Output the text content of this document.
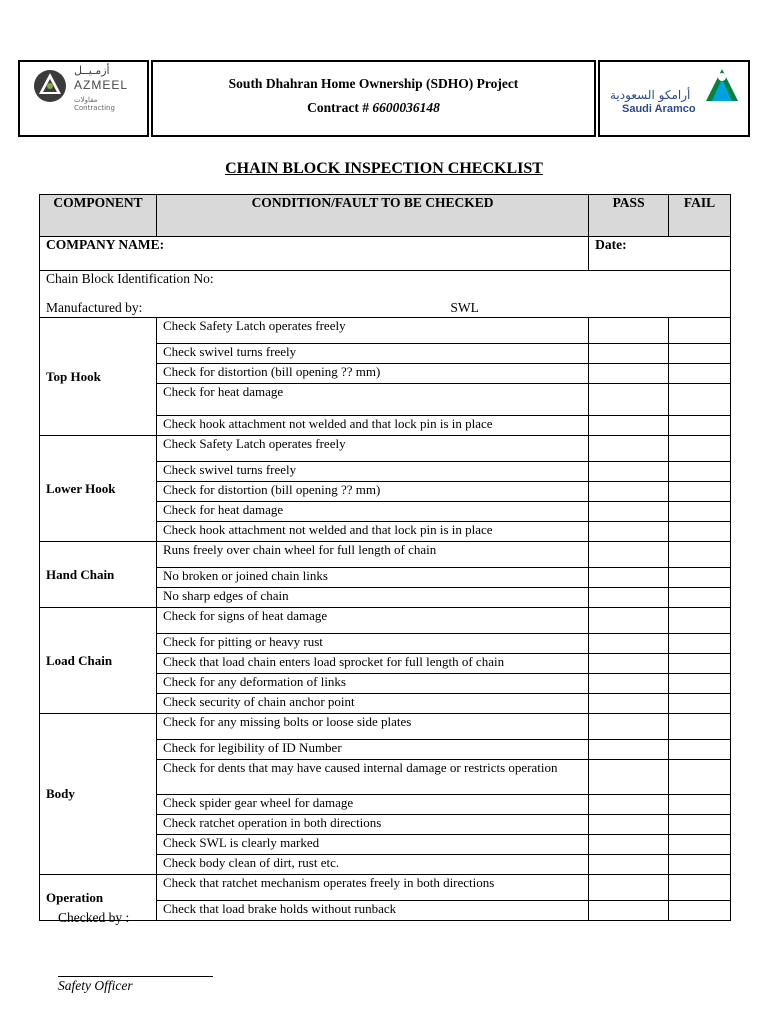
أزمـيــل
AZMEEL
مقاولات
Contracting
South Dhahran Home Ownership (SDHO) Project
Contract # 6600036148
أرامكو السعودية
Saudi Aramco
CHAIN BLOCK INSPECTION CHECKLIST
COMPANY NAME:		Date:	

Chain Block Identification No:
Manufactured by: SWL			

COMPONENT	CONDITION/FAULT TO BE CHECKED	PASS	FAIL
Top Hook	Check Safety Latch operates freely		
	Check swivel turns freely		
	Check for distortion (bill opening ?? mm)		
	Check for heat damage		
	Check hook attachment not welded and that lock pin is in place		
Lower Hook	Check Safety Latch operates freely		
	Check swivel turns freely		
	Check for distortion (bill opening ?? mm)		
	Check for heat damage		
	Check hook attachment not welded and that lock pin is in place		
Hand Chain	Runs freely over chain wheel for full length of chain		
	No broken or joined chain links		
	No sharp edges of chain		
Load Chain	Check for signs of heat damage		
	Check for pitting or heavy rust		
	Check that load chain enters load sprocket for full length of chain		
	Check for any deformation of links		
	Check security of chain anchor point		
Body	Check for any missing bolts or loose side plates		
	Check for legibility of ID Number		
	Check for dents that may have caused internal damage or restricts operation		
	Check spider gear wheel for damage		
	Check ratchet operation in both directions		
	Check SWL is clearly marked		
	Check body clean of dirt, rust etc.		
Operation	Check that ratchet mechanism operates freely in both directions		
	Check that load brake holds without runback		
Checked by :
Safety Officer
